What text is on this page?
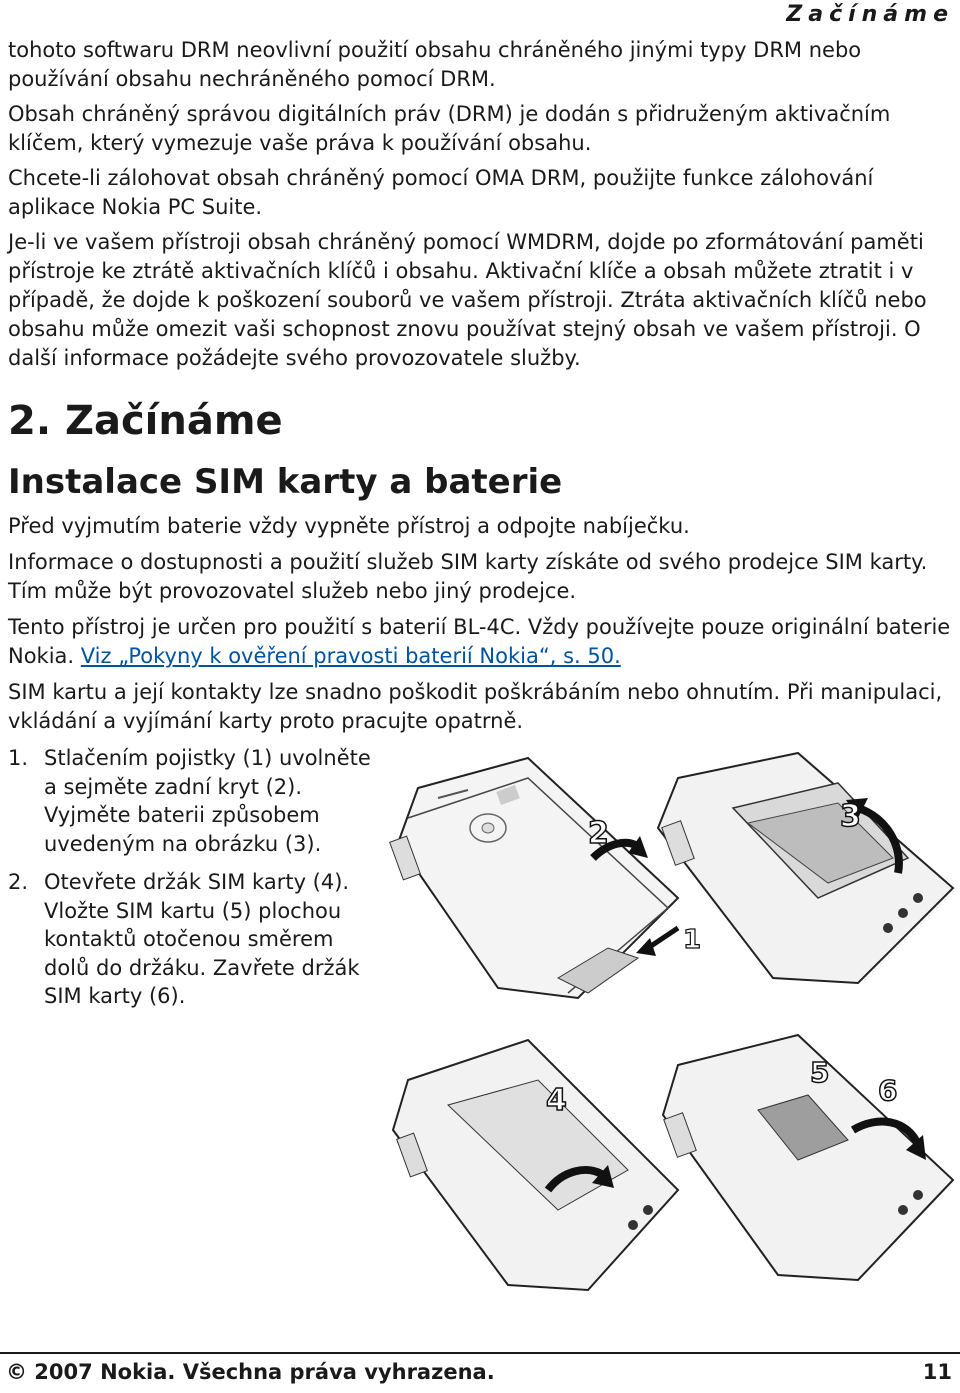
Začínáme

tohoto softwaru DRM neovlivní použití obsahu chráněného jinými typy DRM nebo používání obsahu nechráněného pomocí DRM.

Obsah chráněný správou digitálních práv (DRM) je dodán s přidruženým aktivačním klíčem, který vymezuje vaše práva k používání obsahu.

Chcete-li zálohovat obsah chráněný pomocí OMA DRM, použijte funkce zálohování aplikace Nokia PC Suite.

Je-li ve vašem přístroji obsah chráněný pomocí WMDRM, dojde po zformátování paměti přístroje ke ztrátě aktivačních klíčů i obsahu. Aktivační klíče a obsah můžete ztratit i v případě, že dojde k poškození souborů ve vašem přístroji. Ztráta aktivačních klíčů nebo obsahu může omezit vaši schopnost znovu používat stejný obsah ve vašem přístroji. O další informace požádejte svého provozovatele služby.

2. Začínáme
Instalace SIM karty a baterie

Před vyjmutím baterie vždy vypněte přístroj a odpojte nabíječku.

Informace o dostupnosti a použití služeb SIM karty získáte od svého prodejce SIM karty. Tím může být provozovatel služeb nebo jiný prodejce.

Tento přístroj je určen pro použití s baterií BL-4C. Vždy používejte pouze originální baterie Nokia. Viz „Pokyny k ověření pravosti baterií Nokia“, s. 50.

SIM kartu a její kontakty lze snadno poškodit poškrábáním nebo ohnutím. Při manipulaci, vkládání a vyjímání karty proto pracujte opatrně.

1. Stlačením pojistky (1) uvolněte a sejměte zadní kryt (2). Vyjměte baterii způsobem uvedeným na obrázku (3).
2. Otevřete držák SIM karty (4). Vložte SIM kartu (5) plochou kontaktů otočenou směrem dolů do držáku. Zavřete držák SIM karty (6).
2
1
3
4
5
6
© 2007 Nokia. Všechna práva vyhrazena.	11
